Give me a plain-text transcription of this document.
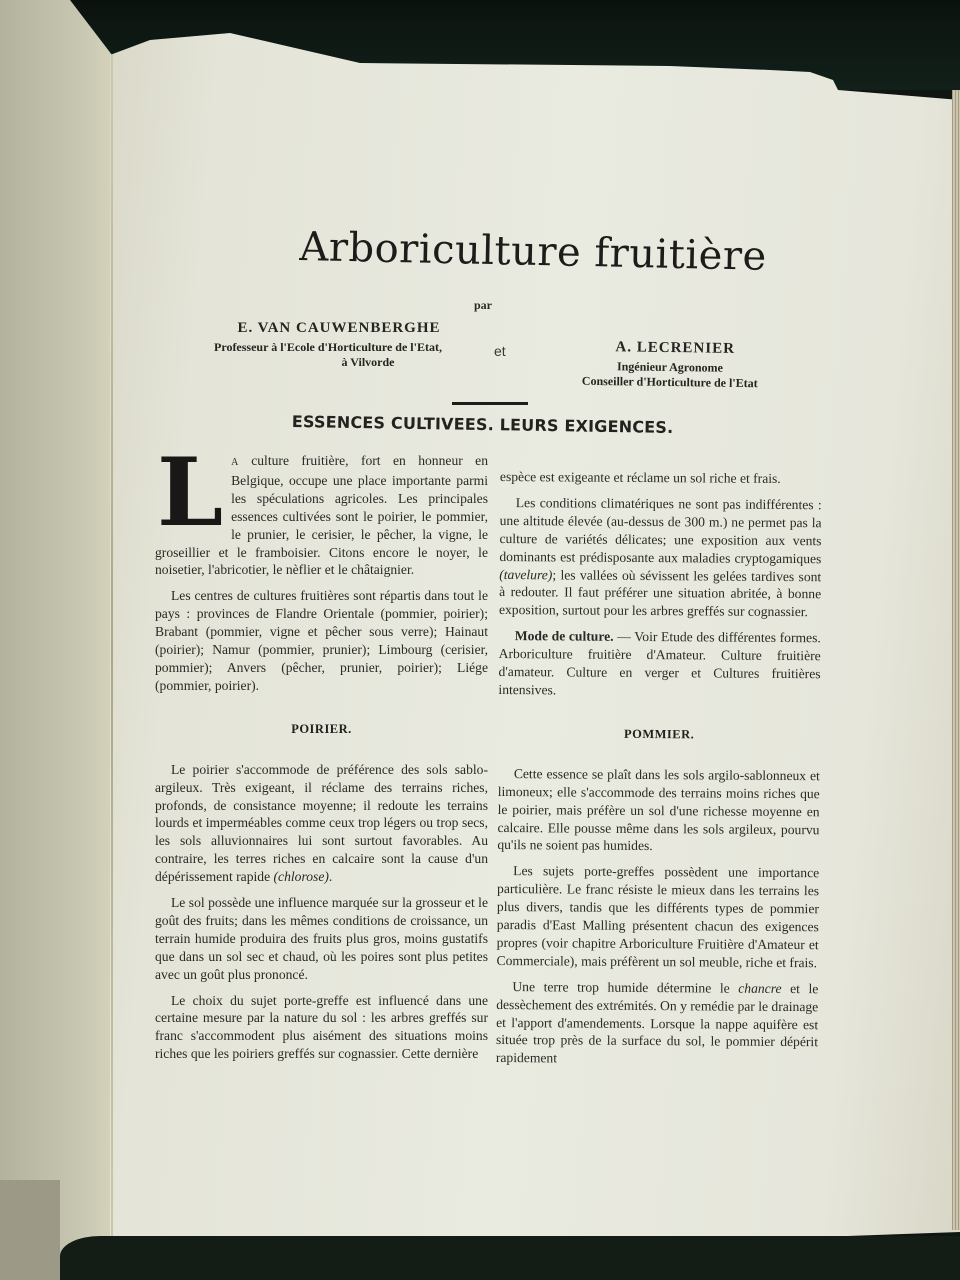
Arboriculture fruitière
par
E. VAN CAUWENBERGHE
Professeur à l'Ecole d'Horticulture de l'Etat,
à Vilvorde
et	A. LECRENIER
Ingénieur Agronome
Conseiller d'Horticulture de l'Etat
ESSENCES CULTIVEES. LEURS EXIGENCES.

L A culture fruitière, fort en honneur en Belgique, occupe une place importante parmi les spéculations agricoles. Les principales essences cultivées sont le poirier, le pommier, le prunier, le cerisier, le pêcher, la vigne, le groseillier et le framboisier. Citons encore le noyer, le noisetier, l'abricotier, le nèflier et le châtaignier.

Les centres de cultures fruitières sont répartis dans tout le pays : provinces de Flandre Orientale (pommier, poirier); Brabant (pommier, vigne et pêcher sous verre); Hainaut (poirier); Namur (pommier, prunier); Limbourg (cerisier, pommier); Anvers (pêcher, prunier, poirier); Liége (pommier, poirier).

POIRIER.

Le poirier s'accommode de préférence des sols sablo-argileux. Très exigeant, il réclame des terrains riches, profonds, de consistance moyenne; il redoute les terrains lourds et imperméables comme ceux trop légers ou trop secs, les sols alluvionnaires lui sont surtout favorables. Au contraire, les terres riches en calcaire sont la cause d'un dépérissement rapide (chlorose).

Le sol possède une influence marquée sur la grosseur et le goût des fruits; dans les mêmes conditions de croissance, un terrain humide produira des fruits plus gros, moins gustatifs que dans un sol sec et chaud, où les poires sont plus petites avec un goût plus prononcé.

Le choix du sujet porte-greffe est influencé dans une certaine mesure par la nature du sol : les arbres greffés sur franc s'accommodent plus aisément des situations moins riches que les poiriers greffés sur cognassier. Cette dernière

espèce est exigeante et réclame un sol riche et frais.

Les conditions climatériques ne sont pas indifférentes : une altitude élevée (au-dessus de 300 m.) ne permet pas la culture de variétés délicates; une exposition aux vents dominants est prédisposante aux maladies cryptogamiques (tavelure); les vallées où sévissent les gelées tardives sont à redouter. Il faut préférer une situation abritée, à bonne exposition, surtout pour les arbres greffés sur cognassier.

Mode de culture. — Voir Etude des différentes formes. Arboriculture fruitière d'Amateur. Culture fruitière d'amateur. Culture en verger et Cultures fruitières intensives.

POMMIER.

Cette essence se plaît dans les sols argilo-sablonneux et limoneux; elle s'accommode des terrains moins riches que le poirier, mais préfère un sol d'une richesse moyenne en calcaire. Elle pousse même dans les sols argileux, pourvu qu'ils ne soient pas humides.

Les sujets porte-greffes possèdent une importance particulière. Le franc résiste le mieux dans les terrains les plus divers, tandis que les différents types de pommier paradis d'East Malling présentent chacun des exigences propres (voir chapitre Arboriculture Fruitière d'Amateur et Commerciale), mais préfèrent un sol meuble, riche et frais.

Une terre trop humide détermine le chancre et le dessèchement des extrémités. On y remédie par le drainage et l'apport d'amendements. Lorsque la nappe aquifère est située trop près de la surface du sol, le pommier dépérit rapidement
